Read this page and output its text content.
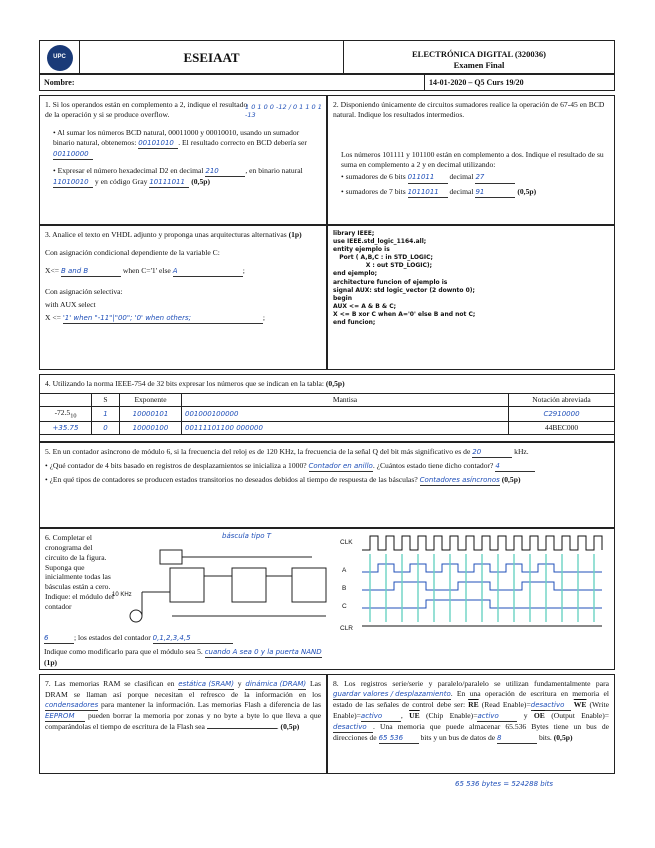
UPC	ESEIAAT	ELECTRÓNICA DIGITAL (320036)
Examen Final
Nombre:	14-01-2020 – Q5 Curs 19/20

1. Si los operandos están en complemento a 2, indique el resultado de la operación y si se produce overflow.

1 0 1 0 0 -12 / 0 1 1 0 1 -13

• Al sumar los números BCD natural, 00011000 y 00010010, usando un sumador binario natural, obtenemos: 00101010 . El resultado correcto en BCD debería ser 00110000

• Expresar el número hexadecimal D2 en decimal 210	, en binario natural 11010010 y en código Gray 10111011 (0,5p)

2. Disponiendo únicamente de circuitos sumadores realice la operación de 67-45 en BCD natural. Indique los resultados intermedios.

Los números 101111 y 101100 están en complemento a dos. Indique el resultado de su suma en complemento a 2 y en decimal utilizando:

• sumadores de 6 bits 011011 decimal 27

• sumadores de 7 bits 1011011 decimal 91	(0,5p)

3. Analice el texto en VHDL adjunto y proponga unas arquitecturas alternativas (1p)

Con asignación condicional dependiente de la variable C:

X<= B and B	when C='1' else A	;

Con asignación selectiva:

with AUX select

X <= '1' when "-11"|"00"; '0' when others;	;

library IEEE;
use IEEE.std_logic_1164.all;
entity ejemplo is
Port ( A,B,C : in STD_LOGIC;
X : out STD_LOGIC);
end ejemplo;
architecture funcion of ejemplo is
signal AUX: std logic_vector (2 downto 0);
begin
AUX <= A & B & C;
X <= B xor C when A='0' else B and not C;
end funcion;

4. Utilizando la norma IEEE-754 de 32 bits expresar los números que se indican en la tabla: (0,5p)

	S	Exponente	Mantisa	Notación abreviada
$-72.5_{10}$	1	10000101	001000100000	C2910000
+35.75	0	10000100	00111101100 000000	44BEC000

5. En un contador asíncrono de módulo 6, si la frecuencia del reloj es de 120 KHz, la frecuencia de la señal Q del bit más significativo es de 20	kHz.

• ¿Qué contador de 4 bits basado en registros de desplazamientos se inicializa a 1000? Contador en anillo. ¿Cuántos estado tiene dicho contador? 4

• ¿En qué tipos de contadores se producen estados transitorios no deseados debidos al tiempo de respuesta de las básculas? Contadores asíncronos (0,5p)

6. Completar el cronograma del circuito de la figura. Suponga que inicialmente todas las básculas están a cero. Indique: el módulo del contador

6	; los estados del contador 0,1,2,3,4,5

Indique como modificarlo para que el módulo sea 5. cuando A sea 0 y la puerta NAND (1p)

báscula tipo T
10 KHz
CLK
A
B
C
CLR

7. Las memorias RAM se clasifican en estática (SRAM) y dinámica (DRAM) Las DRAM se llaman así porque necesitan el refresco de la información en los condensadores para mantener la información. Las memorias Flash a diferencia de las EEPROM pueden borrar la memoria por zonas y no byte a byte lo que lleva a que comparándolas el tiempo de escritura de la Flash sea	. (0,5p)

8. Los registros serie/serie y paralelo/paralelo se utilizan fundamentalmente para guardar valores / desplazamiento. En una operación de escritura en memoria el estado de las señales de control debe ser: $\overline{RE}$ (Read Enable)=desactivo $\overline{WE}$ (Write Enable)=activo , $\overline{UE}$ (Chip Enable)=activo y $\overline{OE}$ (Output Enable)=desactivo . Una memoria que puede almacenar 65.536 Bytes tiene un bus de direcciones de 65 536 bits y un bus de datos de 8	bits. (0,5p)

65 536 bytes = 524288 bits
